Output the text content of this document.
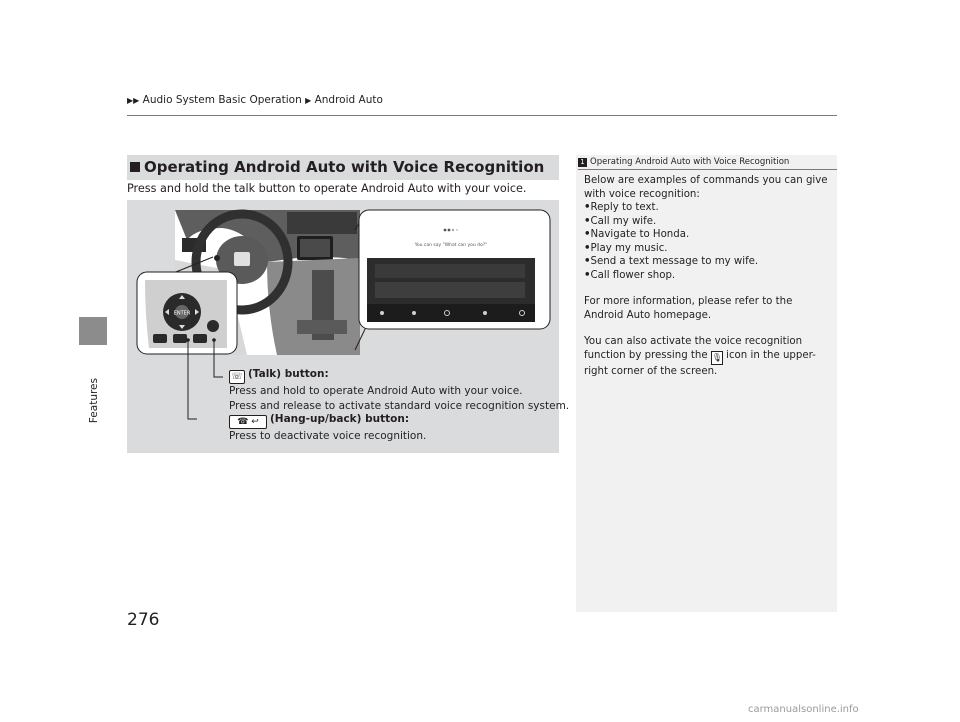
▶▶ Audio System Basic Operation ▶ Android Auto
Features
276
Operating Android Auto with Voice Recognition
Press and hold the talk button to operate Android Auto with your voice.
ENTER
You can say "What can you do?"
☏ (Talk) button:
Press and hold to operate Android Auto with your voice.
Press and release to activate standard voice recognition system.
☎ ↩ (Hang-up/back) button:
Press to deactivate voice recognition.
1 Operating Android Auto with Voice Recognition

Below are examples of commands you can give with voice recognition:

• Reply to text.

• Call my wife.

• Navigate to Honda.

• Play my music.

• Send a text message to my wife.

• Call flower shop.

For more information, please refer to the Android Auto homepage.

You can also activate the voice recognition function by pressing the 🎙 icon in the upper-right corner of the screen.

carmanualsonline.info
